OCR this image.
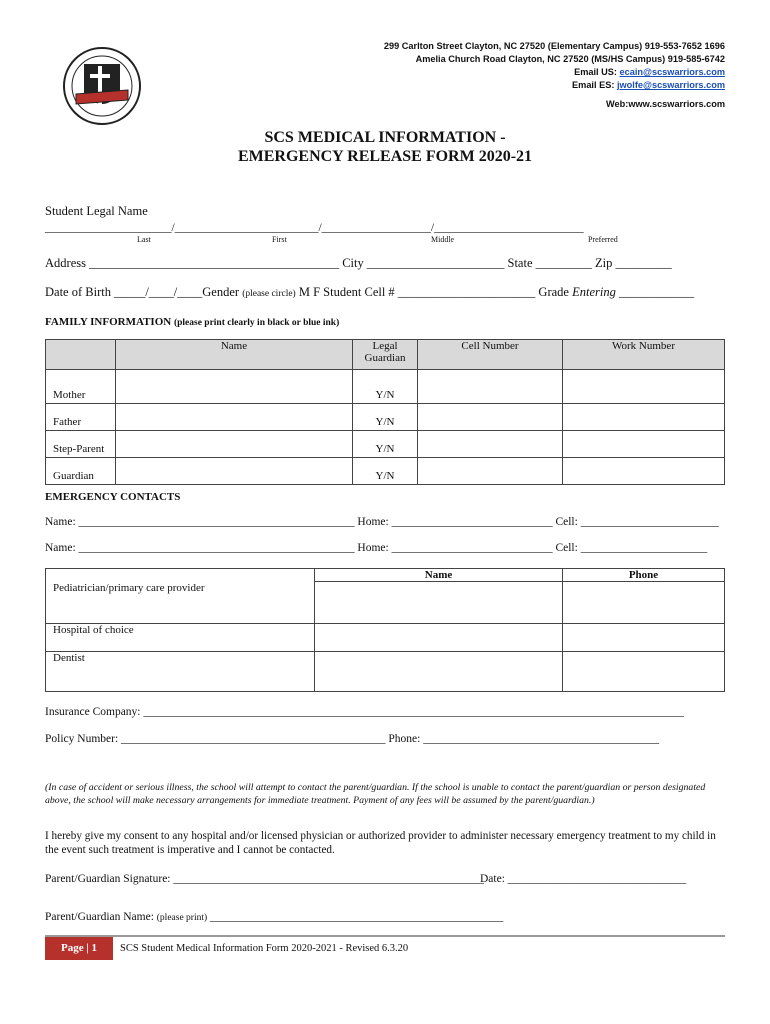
299 Carlton Street Clayton, NC 27520 (Elementary Campus) 919-553-7652 1696
Amelia Church Road Clayton, NC 27520 (MS/HS Campus) 919-585-6742
Email US: ecain@scswarriors.com
Email ES: jwolfe@scswarriors.com
Web:www.scswarriors.com
SCS MEDICAL INFORMATION -
EMERGENCY RELEASE FORM 2020-21
Student Legal Name
______________________/_________________________/___________________/__________________________
Last	First	Middle	Preferred
Address ________________________________________ City ______________________ State _________ Zip _________
Date of Birth _____/____/____Gender (please circle) M F Student Cell # ______________________ Grade Entering ____________
FAMILY INFORMATION (please print clearly in black or blue ink)
	Name	Legal Guardian	Cell Number	Work Number
Mother		Y/N		
Father		Y/N		
Step-Parent		Y/N		
Guardian		Y/N		
EMERGENCY CONTACTS
Name: ________________________________________________ Home: ____________________________ Cell: ________________________
Name: ________________________________________________ Home: ____________________________ Cell: ______________________
	Name	Phone
Pediatrician/primary care provider		
Hospital of choice		
Dentist		
Insurance Company: ______________________________________________________________________________________________
Policy Number: ______________________________________________ Phone: _________________________________________
(In case of accident or serious illness, the school will attempt to contact the parent/guardian. If the school is unable to contact the parent/guardian or person designated above, the school will make necessary arrangements for immediate treatment. Payment of any fees will be assumed by the parent/guardian.)
I hereby give my consent to any hospital and/or licensed physician or authorized provider to administer necessary emergency treatment to my child in the event such treatment is imperative and I cannot be contacted.
Parent/Guardian Signature: ______________________________________________________
Date: _______________________________
Parent/Guardian Name: (please print) ___________________________________________________
Page | 1	SCS Student Medical Information Form 2020-2021 - Revised 6.3.20
